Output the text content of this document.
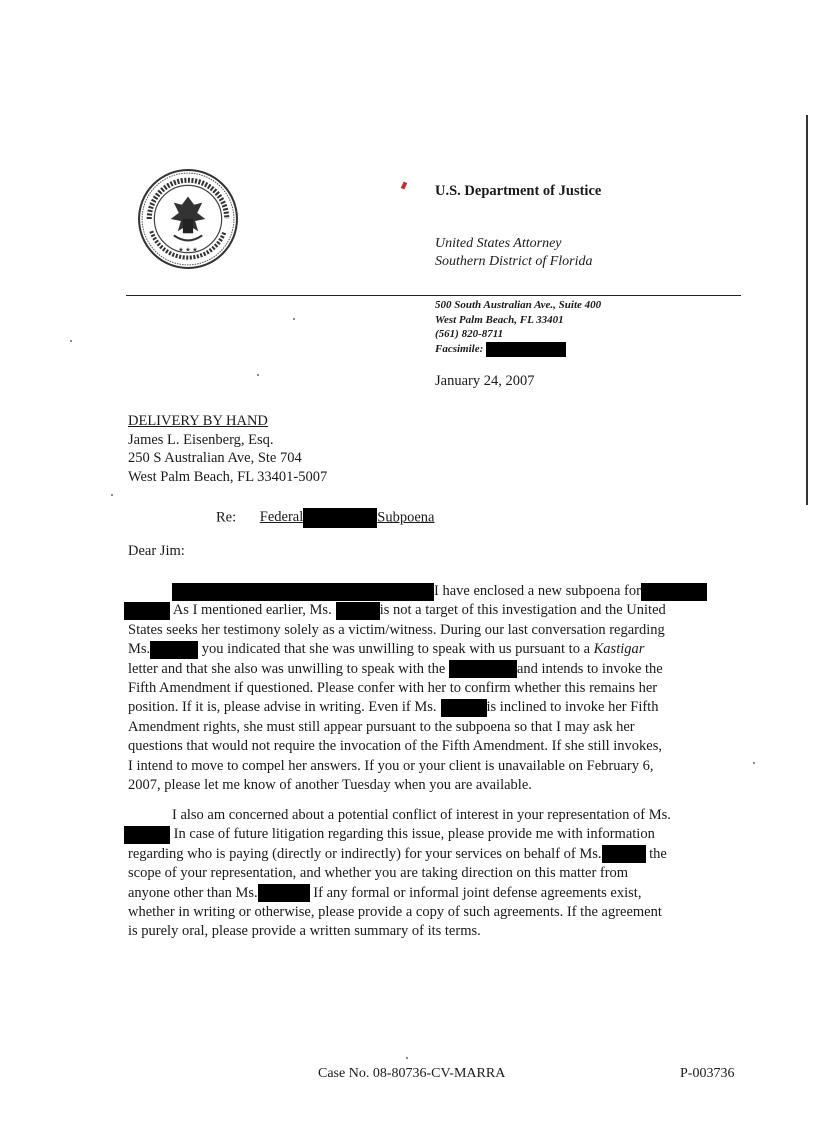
★ ★ ★
U.S. Department of Justice
United States Attorney
Southern District of Florida
500 South Australian Ave., Suite 400
West Palm Beach, FL 33401
(561) 820-8711
Facsimile:
January 24, 2007
DELIVERY BY HAND
James L. Eisenberg, Esq.
250 S Australian Ave, Ste 704
West Palm Beach, FL 33401-5007
Re: Federal	Subpoena
Dear Jim:
I have enclosed a new subpoena for
As I mentioned earlier, Ms.	is not a target of this investigation and the United
States seeks her testimony solely as a victim/witness. During our last conversation regarding
Ms.	you indicated that she was unwilling to speak with us pursuant to a Kastigar
letter and that she also was unwilling to speak with the	and intends to invoke the
Fifth Amendment if questioned. Please confer with her to confirm whether this remains her
position. If it is, please advise in writing. Even if Ms.	is inclined to invoke her Fifth
Amendment rights, she must still appear pursuant to the subpoena so that I may ask her
questions that would not require the invocation of the Fifth Amendment. If she still invokes,
I intend to move to compel her answers. If you or your client is unavailable on February 6,
2007, please let me know of another Tuesday when you are available.
I also am concerned about a potential conflict of interest in your representation of Ms.
In case of future litigation regarding this issue, please provide me with information
regarding who is paying (directly or indirectly) for your services on behalf of Ms.	the
scope of your representation, and whether you are taking direction on this matter from
anyone other than Ms.	If any formal or informal joint defense agreements exist,
whether in writing or otherwise, please provide a copy of such agreements. If the agreement
is purely oral, please provide a written summary of its terms.
Case No. 08-80736-CV-MARRA	P-003736
